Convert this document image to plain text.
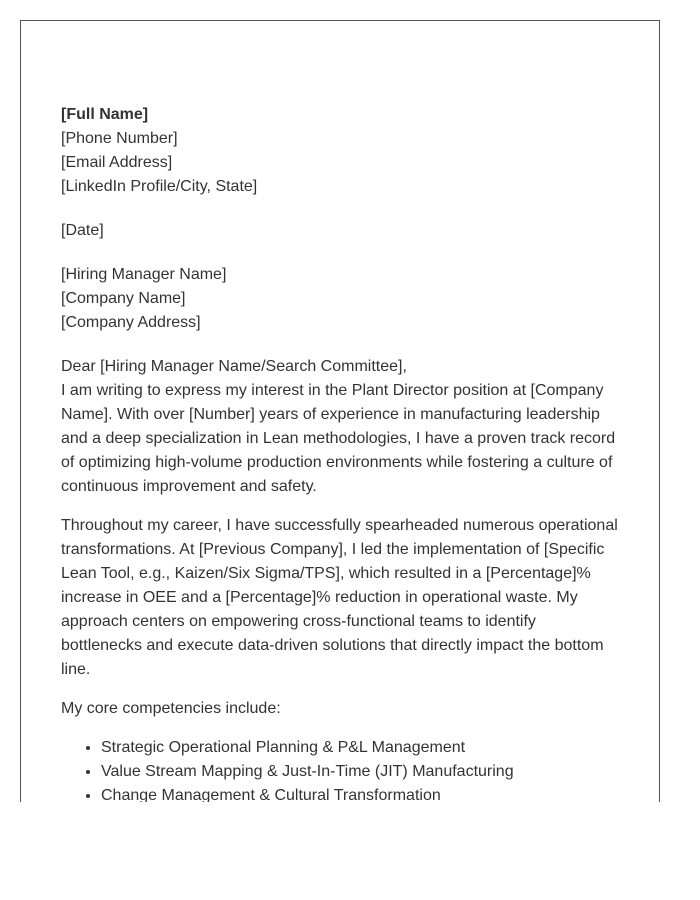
[Full Name]
[Phone Number]
[Email Address]
[LinkedIn Profile/City, State]
[Date]
[Hiring Manager Name]
[Company Name]
[Company Address]
Dear [Hiring Manager Name/Search Committee],

I am writing to express my interest in the Plant Director position at [Company Name]. With over [Number] years of experience in manufacturing leadership and a deep specialization in Lean methodologies, I have a proven track record of optimizing high-volume production environments while fostering a culture of continuous improvement and safety.

Throughout my career, I have successfully spearheaded numerous operational transformations. At [Previous Company], I led the implementation of [Specific Lean Tool, e.g., Kaizen/Six Sigma/TPS], which resulted in a [Percentage]% increase in OEE and a [Percentage]% reduction in operational waste. My approach centers on empowering cross-functional teams to identify bottlenecks and execute data-driven solutions that directly impact the bottom line.

My core competencies include:

• Strategic Operational Planning & P&L Management
• Value Stream Mapping & Just-In-Time (JIT) Manufacturing
• Change Management & Cultural Transformation
